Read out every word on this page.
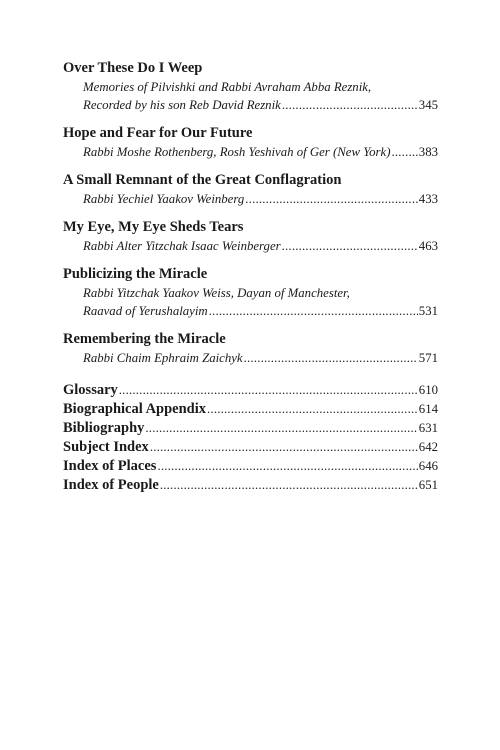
Over These Do I Weep
Memories of Pilvishki and Rabbi Avraham Abba Reznik,
Recorded by his son Reb David Reznik .....	345
Hope and Fear for Our Future
Rabbi Moshe Rothenberg, Rosh Yeshivah of Ger (New York) ..... 383
A Small Remnant of the Great Conflagration
Rabbi Yechiel Yaakov Weinberg .....	433
My Eye, My Eye Sheds Tears
Rabbi Alter Yitzchak Isaac Weinberger .....	463
Publicizing the Miracle
Rabbi Yitzchak Yaakov Weiss, Dayan of Manchester,
Raavad of Yerushalayim .....	531
Remembering the Miracle
Rabbi Chaim Ephraim Zaichyk .....	571
Glossary .....	610
Biographical Appendix .....	614
Bibliography .....	631
Subject Index .....	642
Index of Places .....	646
Index of People .....	651
